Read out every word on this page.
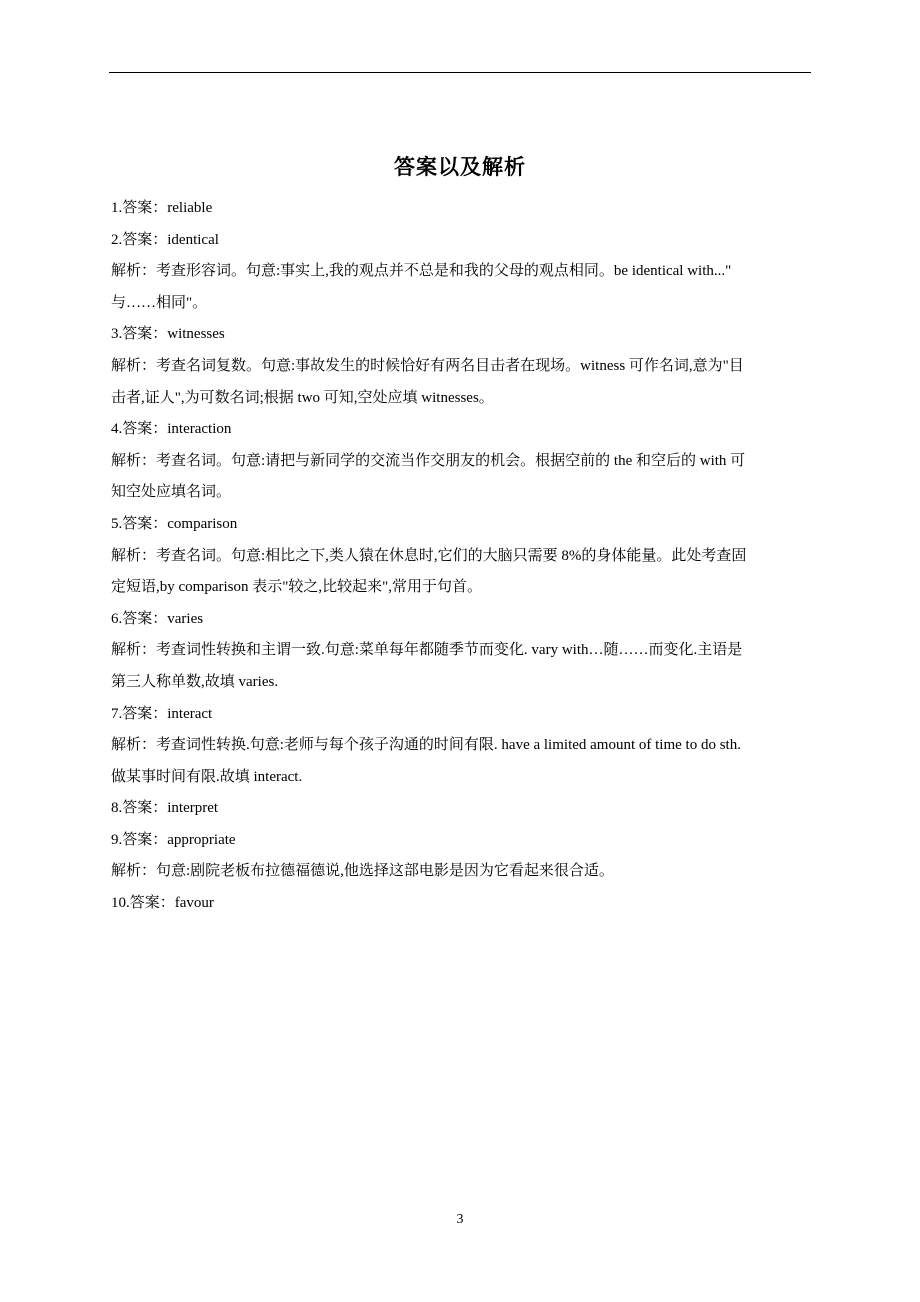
答案以及解析
1.答案：reliable
2.答案：identical
解析：考查形容词。句意:事实上,我的观点并不总是和我的父母的观点相同。be identical with..."
与……相同"。
3.答案：witnesses
解析：考查名词复数。句意:事故发生的时候恰好有两名目击者在现场。witness 可作名词,意为"目
击者,证人",为可数名词;根据 two 可知,空处应填 witnesses。
4.答案：interaction
解析：考查名词。句意:请把与新同学的交流当作交朋友的机会。根据空前的 the 和空后的 with 可
知空处应填名词。
5.答案：comparison
解析：考查名词。句意:相比之下,类人猿在休息时,它们的大脑只需要 8%的身体能量。此处考查固
定短语,by comparison 表示"较之,比较起来",常用于句首。
6.答案：varies
解析：考查词性转换和主谓一致.句意:菜单每年都随季节而变化. vary with…随……而变化.主语是
第三人称单数,故填 varies.
7.答案：interact
解析：考查词性转换.句意:老师与每个孩子沟通的时间有限. have a limited amount of time to do sth.
做某事时间有限.故填 interact.
8.答案：interpret
9.答案：appropriate
解析：句意:剧院老板布拉德福德说,他选择这部电影是因为它看起来很合适。
10.答案：favour
3
